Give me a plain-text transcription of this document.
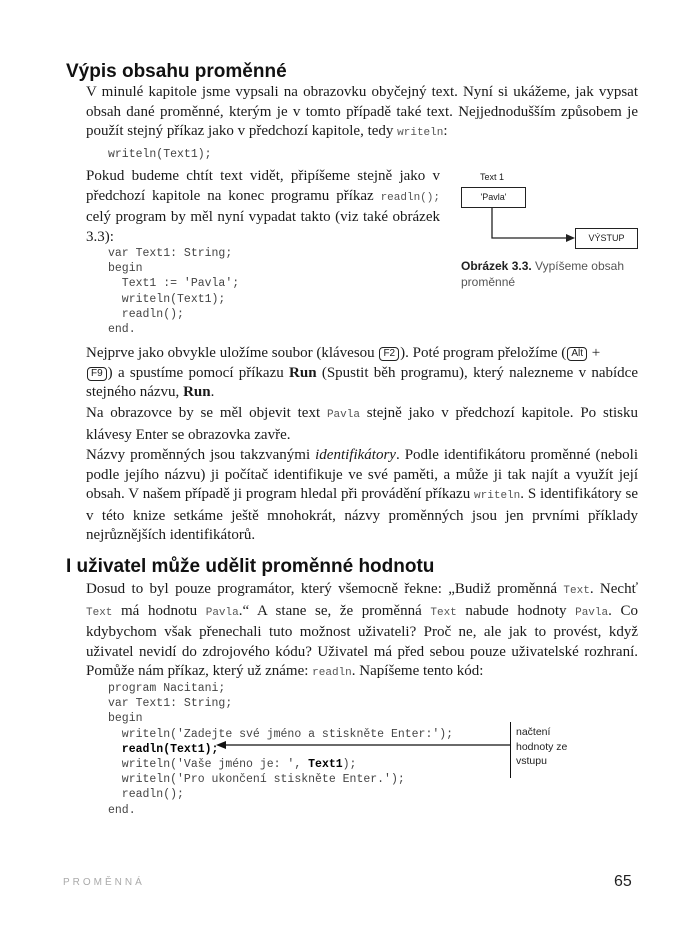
Výpis obsahu proměnné

V minulé kapitole jsme vypsali na obrazovku obyčejný text. Nyní si ukážeme, jak vypsat obsah dané proměnné, kterým je v tomto případě také text. Nejjednodušším způsobem je použít stejný příkaz jako v předchozí kapitole, tedy writeln:

writeln(Text1);

Pokud budeme chtít text vidět, připíšeme stejně jako v předchozí kapitole na konec programu příkaz readln(); celý program by měl nyní vypadat takto (viz také obrázek 3.3):

var Text1: String;
begin
Text1 := 'Pavla';
writeln(Text1);
readln();
end.
Text 1
'Pavla'
VÝSTUP
Obrázek 3.3. Vypíšeme obsah proměnné

Nejprve jako obvykle uložíme soubor (klávesou F2 ). Poté program přeložíme ( Alt +
F9 ) a spustíme pomocí příkazu Run (Spustit běh programu), který nalezneme v nabídce stejného názvu, Run.

Na obrazovce by se měl objevit text Pavla stejně jako v předchozí kapitole. Po stisku klávesy Enter se obrazovka zavře.

Názvy proměnných jsou takzvanými identifikátory. Podle identifikátoru proměnné (neboli podle jejího názvu) ji počítač identifikuje ve své paměti, a může ji tak najít a využít její obsah. V našem případě ji program hledal při provádění příkazu writeln. S identifikátory se v této knize setkáme ještě mnohokrát, názvy proměnných jsou jen prvními příklady nejrůznějších identifikátorů.

I uživatel může udělit proměnné hodnotu

Dosud to byl pouze programátor, který všemocně řekne: „Budiž proměnná Text. Nechť Text má hodnotu Pavla.“ A stane se, že proměnná Text nabude hodnoty Pavla. Co kdybychom však přenechali tuto možnost uživateli? Proč ne, ale jak to provést, když uživatel nevidí do zdrojového kódu? Uživatel má před sebou pouze uživatelské rozhraní. Pomůže nám příkaz, který už známe: readln. Napíšeme tento kód:

program Nacitani;
var Text1: String;
begin
writeln('Zadejte své jméno a stiskněte Enter:');
readln(Text1);
writeln('Vaše jméno je: ', Text1);
writeln('Pro ukončení stiskněte Enter.');
readln();
end.
načtení hodnoty ze vstupu
PROMĚNNÁ	65
